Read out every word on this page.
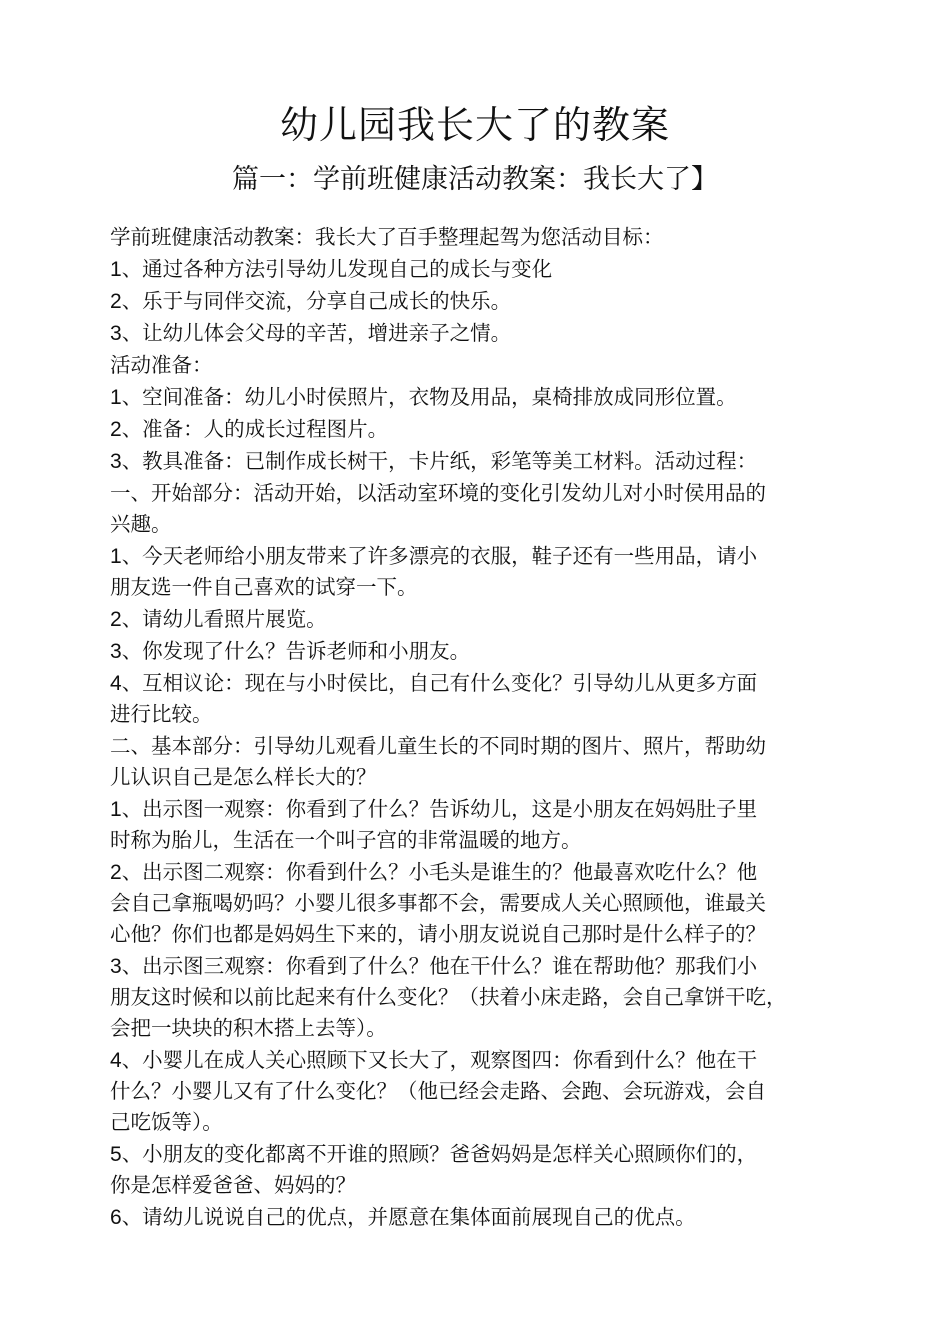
幼儿园我长大了的教案
篇一：学前班健康活动教案：我长大了】
学前班健康活动教案：我长大了百手整理起驾为您活动目标：
1、通过各种方法引导幼儿发现自己的成长与变化
2、乐于与同伴交流，分享自己成长的快乐。
3、让幼儿体会父母的辛苦，增进亲子之情。
活动准备：
1、空间准备：幼儿小时侯照片，衣物及用品，桌椅排放成同形位置。
2、准备：人的成长过程图片。
3、教具准备：已制作成长树干，卡片纸，彩笔等美工材料。活动过程：
一、开始部分：活动开始，以活动室环境的变化引发幼儿对小时侯用品的
兴趣。
1、今天老师给小朋友带来了许多漂亮的衣服，鞋子还有一些用品，请小
朋友选一件自己喜欢的试穿一下。
2、请幼儿看照片展览。
3、你发现了什么？告诉老师和小朋友。
4、互相议论：现在与小时侯比，自己有什么变化？引导幼儿从更多方面
进行比较。
二、基本部分：引导幼儿观看儿童生长的不同时期的图片、照片，帮助幼
儿认识自己是怎么样长大的？
1、出示图一观察：你看到了什么？告诉幼儿，这是小朋友在妈妈肚子里
时称为胎儿，生活在一个叫子宫的非常温暖的地方。
2、出示图二观察：你看到什么？小毛头是谁生的？他最喜欢吃什么？他
会自己拿瓶喝奶吗？小婴儿很多事都不会，需要成人关心照顾他，谁最关
心他？你们也都是妈妈生下来的，请小朋友说说自己那时是什么样子的？
3、出示图三观察：你看到了什么？他在干什么？谁在帮助他？那我们小
朋友这时候和以前比起来有什么变化？（扶着小床走路，会自己拿饼干吃，
会把一块块的积木搭上去等）。
4、小婴儿在成人关心照顾下又长大了，观察图四：你看到什么？他在干
什么？小婴儿又有了什么变化？（他已经会走路、会跑、会玩游戏，会自
己吃饭等）。
5、小朋友的变化都离不开谁的照顾？爸爸妈妈是怎样关心照顾你们的，
你是怎样爱爸爸、妈妈的？
6、请幼儿说说自己的优点，并愿意在集体面前展现自己的优点。
